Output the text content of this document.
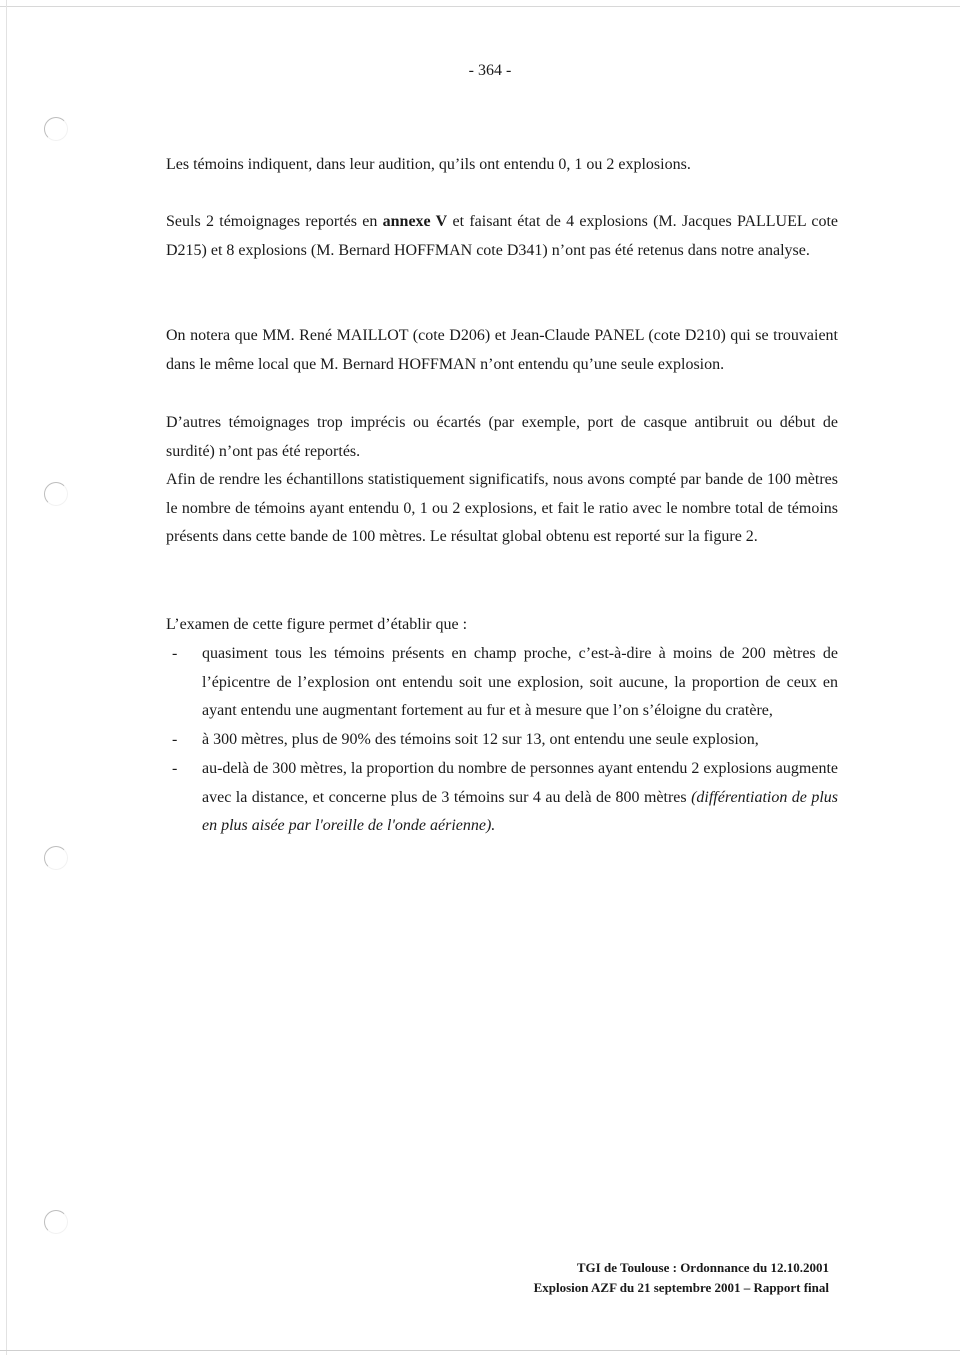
- 364 -

Les témoins indiquent, dans leur audition, qu’ils ont entendu 0, 1 ou 2 explosions.

Seuls 2 témoignages reportés en annexe V et faisant état de 4 explosions (M. Jacques PALLUEL cote D215) et 8 explosions (M. Bernard HOFFMAN cote D341) n’ont pas été retenus dans notre analyse.

On notera que MM. René MAILLOT (cote D206) et Jean-Claude PANEL (cote D210) qui se trouvaient dans le même local que M. Bernard HOFFMAN n’ont entendu qu’une seule explosion.

D’autres témoignages trop imprécis ou écartés (par exemple, port de casque antibruit ou début de surdité) n’ont pas été reportés.

Afin de rendre les échantillons statistiquement significatifs, nous avons compté par bande de 100 mètres le nombre de témoins ayant entendu 0, 1 ou 2 explosions, et fait le ratio avec le nombre total de témoins présents dans cette bande de 100 mètres. Le résultat global obtenu est reporté sur la figure 2.

L’examen de cette figure permet d’établir que :

- quasiment tous les témoins présents en champ proche, c’est-à-dire à moins de 200 mètres de l’épicentre de l’explosion ont entendu soit une explosion, soit aucune, la proportion de ceux en ayant entendu une augmentant fortement au fur et à mesure que l’on s’éloigne du cratère,
- à 300 mètres, plus de 90% des témoins soit 12 sur 13, ont entendu une seule explosion,
- au-delà de 300 mètres, la proportion du nombre de personnes ayant entendu 2 explosions augmente avec la distance, et concerne plus de 3 témoins sur 4 au delà de 800 mètres (différentiation de plus en plus aisée par l'oreille de l'onde aérienne).
TGI de Toulouse : Ordonnance du 12.10.2001
Explosion AZF du 21 septembre 2001 – Rapport final
